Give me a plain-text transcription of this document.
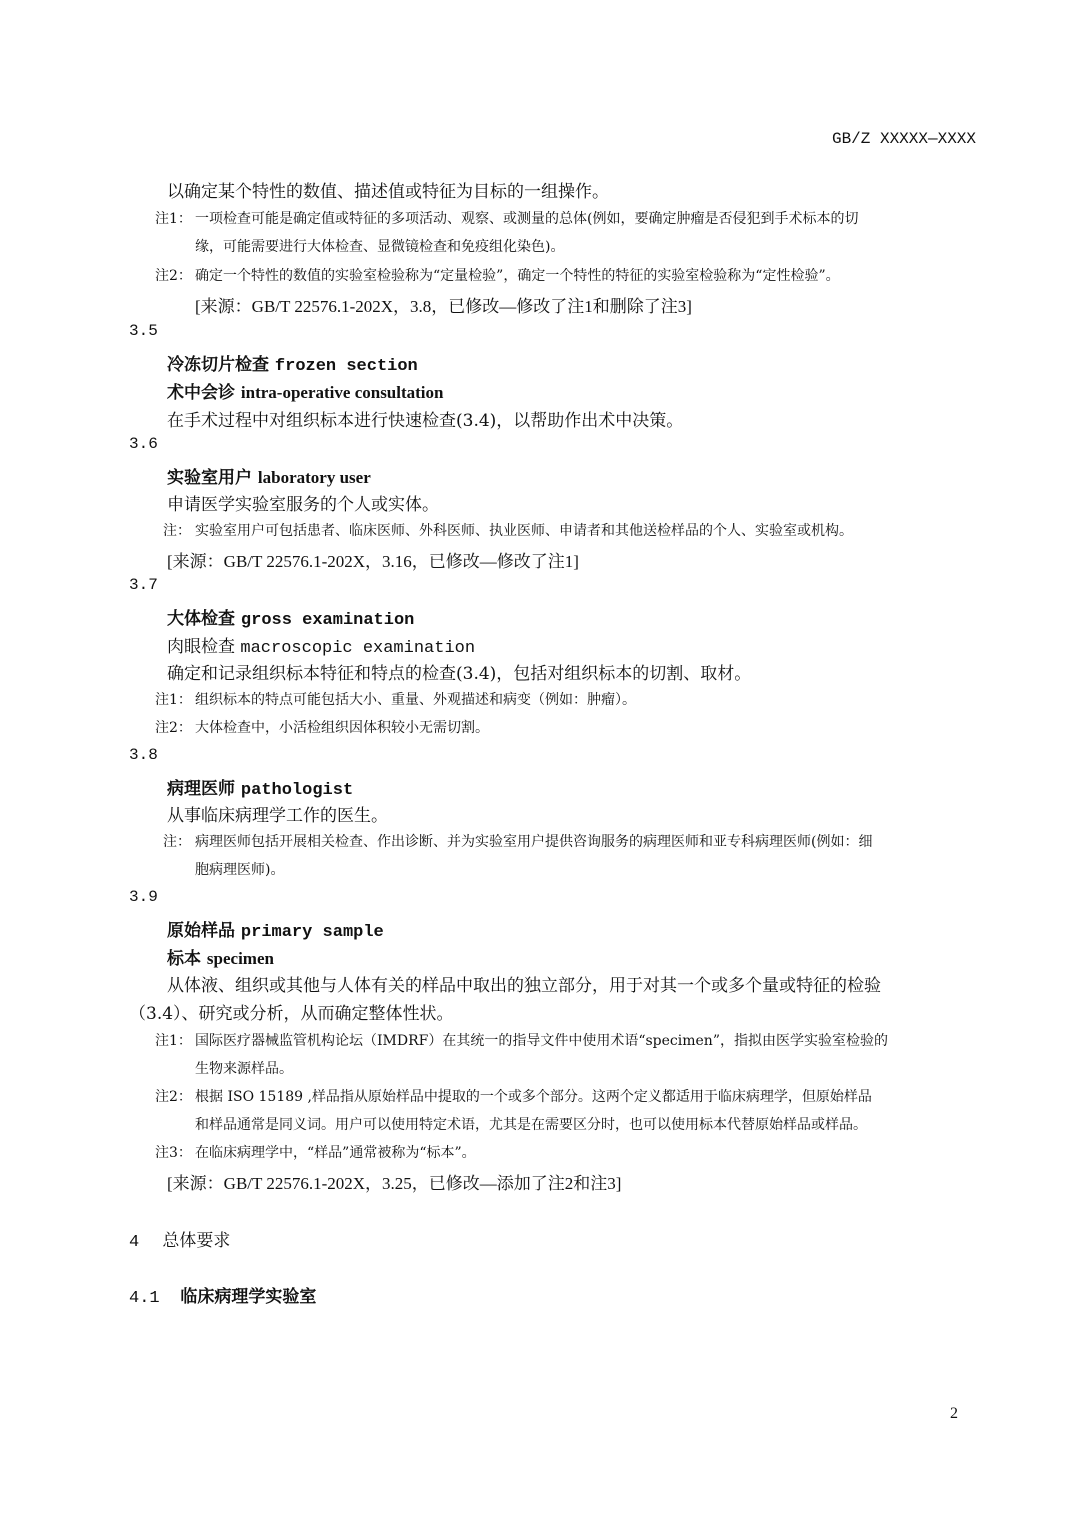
GB/Z XXXXX—XXXX
以确定某个特性的数值、描述值或特征为目标的一组操作。
注1： 一项检查可能是确定值或特征的多项活动、观察、或测量的总体(例如，要确定肿瘤是否侵犯到手术标本的切
缘，可能需要进行大体检查、显微镜检查和免疫组化染色)。
注2： 确定一个特性的数值的实验室检验称为“定量检验”，确定一个特性的特征的实验室检验称为“定性检验”。
[来源：GB/T 22576.1-202X，3.8，已修改—修改了注1和删除了注3]
3.5
冷冻切片检查 frozen section
术中会诊 intra-operative consultation
在手术过程中对组织标本进行快速检查(3.4)，以帮助作出术中决策。
3.6
实验室用户 laboratory user
申请医学实验室服务的个人或实体。
注： 实验室用户可包括患者、临床医师、外科医师、执业医师、申请者和其他送检样品的个人、实验室或机构。
[来源：GB/T 22576.1-202X，3.16，已修改—修改了注1]
3.7
大体检查 gross examination
肉眼检查 macroscopic examination
确定和记录组织标本特征和特点的检查(3.4)，包括对组织标本的切割、取材。
注1： 组织标本的特点可能包括大小、重量、外观描述和病变（例如：肿瘤）。
注2： 大体检查中，小活检组织因体积较小无需切割。
3.8
病理医师 pathologist
从事临床病理学工作的医生。
注： 病理医师包括开展相关检查、作出诊断、并为实验室用户提供咨询服务的病理医师和亚专科病理医师(例如：细
胞病理医师)。
3.9
原始样品 primary sample
标本 specimen
从体液、组织或其他与人体有关的样品中取出的独立部分，用于对其一个或多个量或特征的检验
（3.4）、研究或分析，从而确定整体性状。
注1： 国际医疗器械监管机构论坛（IMDRF）在其统一的指导文件中使用术语“specimen”，指拟由医学实验室检验的
生物来源样品。
注2： 根据 ISO 15189 ,样品指从原始样品中提取的一个或多个部分。这两个定义都适用于临床病理学，但原始样品
和样品通常是同义词。用户可以使用特定术语，尤其是在需要区分时，也可以使用标本代替原始样品或样品。
注3： 在临床病理学中，“样品”通常被称为“标本”。
[来源：GB/T 22576.1-202X，3.25，已修改—添加了注2和注3]
4 总体要求
4.1 临床病理学实验室
2
